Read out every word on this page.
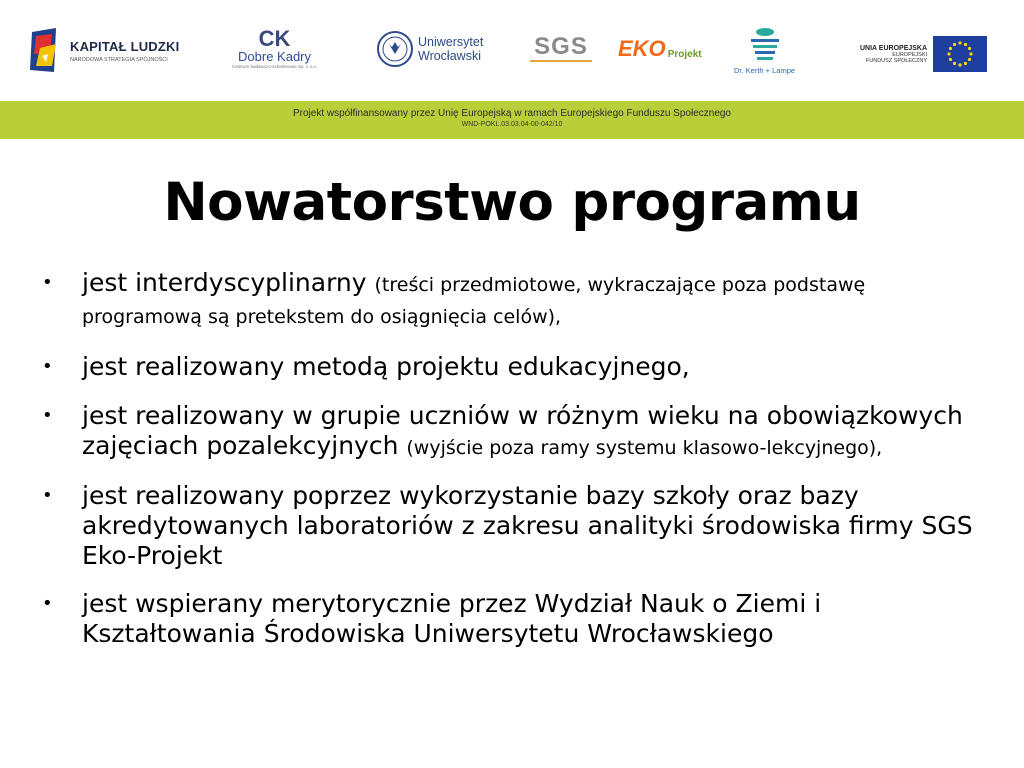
KAPITAŁ LUDZKI
NARODOWA STRATEGIA SPÓJNOŚCI
CK
Dobre Kadry
Centrum badawczo-szkoleniowe Sp. z o.o.
Uniwersytet
Wrocławski SGS EKO Projekt
Dr. Kerth + Lampe
UNIA EUROPEJSKA
EUROPEJSKI
FUNDUSZ SPOŁECZNY
Projekt współfinansowany przez Unię Europejską w ramach Europejskiego Funduszu Społecznego
WND-POKL.03.03.04-00-042/10
Nowatorstwo programu
• jest interdyscyplinarny (treści przedmiotowe, wykraczające poza podstawę programową są pretekstem do osiągnięcia celów),
• jest realizowany metodą projektu edukacyjnego,
• jest realizowany w grupie uczniów w różnym wieku na obowiązkowych zajęciach pozalekcyjnych (wyjście poza ramy systemu klasowo-lekcyjnego),
• jest realizowany poprzez wykorzystanie bazy szkoły oraz bazy akredytowanych laboratoriów z zakresu analityki środowiska firmy SGS Eko-Projekt
• jest wspierany merytorycznie przez Wydział Nauk o Ziemi i Kształtowania Środowiska Uniwersytetu Wrocławskiego
